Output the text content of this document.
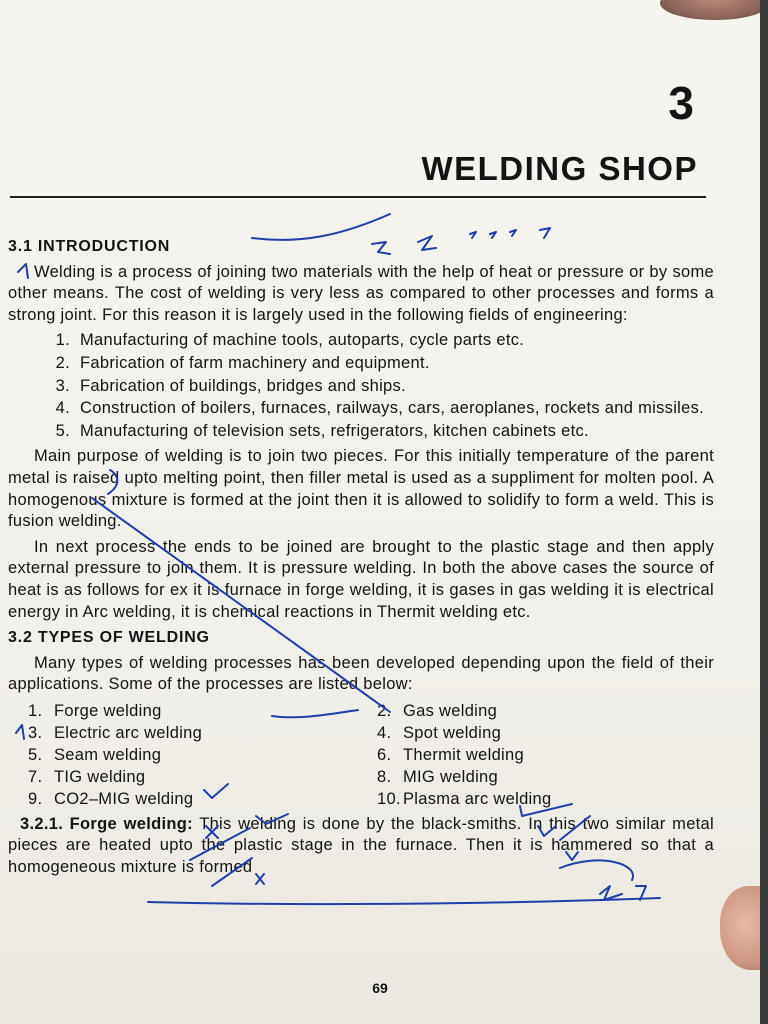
3
WELDING SHOP
3.1 INTRODUCTION

Welding is a process of joining two materials with the help of heat or pressure or by some other means. The cost of welding is very less as compared to other processes and forms a strong joint. For this reason it is largely used in the following fields of engineering:

1. Manufacturing of machine tools, autoparts, cycle parts etc.
2. Fabrication of farm machinery and equipment.
3. Fabrication of buildings, bridges and ships.
4. Construction of boilers, furnaces, railways, cars, aeroplanes, rockets and missiles.
5. Manufacturing of television sets, refrigerators, kitchen cabinets etc.

Main purpose of welding is to join two pieces. For this initially temperature of the parent metal is raised upto melting point, then filler metal is used as a suppliment for molten pool. A homogenous mixture is formed at the joint then it is allowed to solidify to form a weld. This is fusion welding.

In next process the ends to be joined are brought to the plastic stage and then apply external pressure to join them. It is pressure welding. In both the above cases the source of heat is as follows for ex it is furnace in forge welding, it is gases in gas welding it is electrical energy in Arc welding, it is chemical reactions in Thermit welding etc.

3.2 TYPES OF WELDING

Many types of welding processes has been developed depending upon the field of their applications. Some of the processes are listed below:

1. Forge welding	2. Gas welding
3. Electric arc welding	4. Spot welding
5. Seam welding	6. Thermit welding
7. TIG welding	8. MIG welding
9. CO2–MIG welding	10. Plasma arc welding

3.2.1. Forge welding: This welding is done by the black-smiths. In this two similar metal pieces are heated upto the plastic stage in the furnace. Then it is hammered so that a homogeneous mixture is formed

69
